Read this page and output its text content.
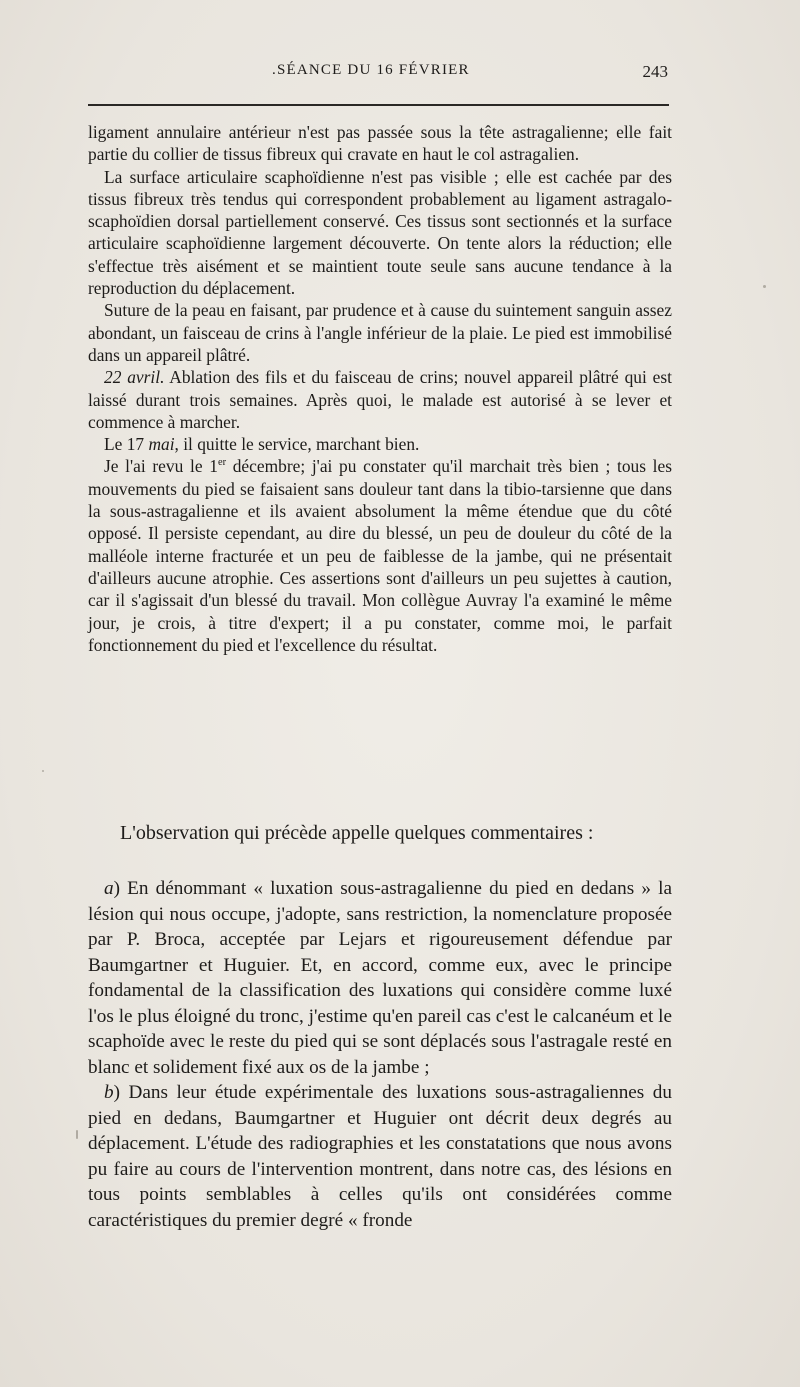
.SÉANCE DU 16 FÉVRIER	243

ligament annulaire antérieur n'est pas passée sous la tête astragalienne; elle fait partie du collier de tissus fibreux qui cravate en haut le col astragalien.

La surface articulaire scaphoïdienne n'est pas visible ; elle est cachée par des tissus fibreux très tendus qui correspondent probablement au ligament astragalo-scaphoïdien dorsal partiellement conservé. Ces tissus sont sectionnés et la surface articulaire scaphoïdienne largement découverte. On tente alors la réduction; elle s'effectue très aisément et se maintient toute seule sans aucune tendance à la reproduction du déplacement.

Suture de la peau en faisant, par prudence et à cause du suintement sanguin assez abondant, un faisceau de crins à l'angle inférieur de la plaie. Le pied est immobilisé dans un appareil plâtré.

22 avril. Ablation des fils et du faisceau de crins; nouvel appareil plâtré qui est laissé durant trois semaines. Après quoi, le malade est autorisé à se lever et commence à marcher.

Le 17 mai, il quitte le service, marchant bien.

Je l'ai revu le 1er décembre; j'ai pu constater qu'il marchait très bien ; tous les mouvements du pied se faisaient sans douleur tant dans la tibio-tarsienne que dans la sous-astragalienne et ils avaient absolument la même étendue que du côté opposé. Il persiste cependant, au dire du blessé, un peu de douleur du côté de la malléole interne fracturée et un peu de faiblesse de la jambe, qui ne présentait d'ailleurs aucune atrophie. Ces assertions sont d'ailleurs un peu sujettes à caution, car il s'agissait d'un blessé du travail. Mon collègue Auvray l'a examiné le même jour, je crois, à titre d'expert; il a pu constater, comme moi, le parfait fonctionnement du pied et l'excellence du résultat.

L'observation qui précède appelle quelques commentaires :

a) En dénommant « luxation sous-astragalienne du pied en dedans » la lésion qui nous occupe, j'adopte, sans restriction, la nomenclature proposée par P. Broca, acceptée par Lejars et rigoureusement défendue par Baumgartner et Huguier. Et, en accord, comme eux, avec le principe fondamental de la classification des luxations qui considère comme luxé l'os le plus éloigné du tronc, j'estime qu'en pareil cas c'est le calcanéum et le scaphoïde avec le reste du pied qui se sont déplacés sous l'astragale resté en blanc et solidement fixé aux os de la jambe ;

b) Dans leur étude expérimentale des luxations sous-astragaliennes du pied en dedans, Baumgartner et Huguier ont décrit deux degrés au déplacement. L'étude des radiographies et les constatations que nous avons pu faire au cours de l'intervention montrent, dans notre cas, des lésions en tous points semblables à celles qu'ils ont considérées comme caractéristiques du premier degré « fronde
